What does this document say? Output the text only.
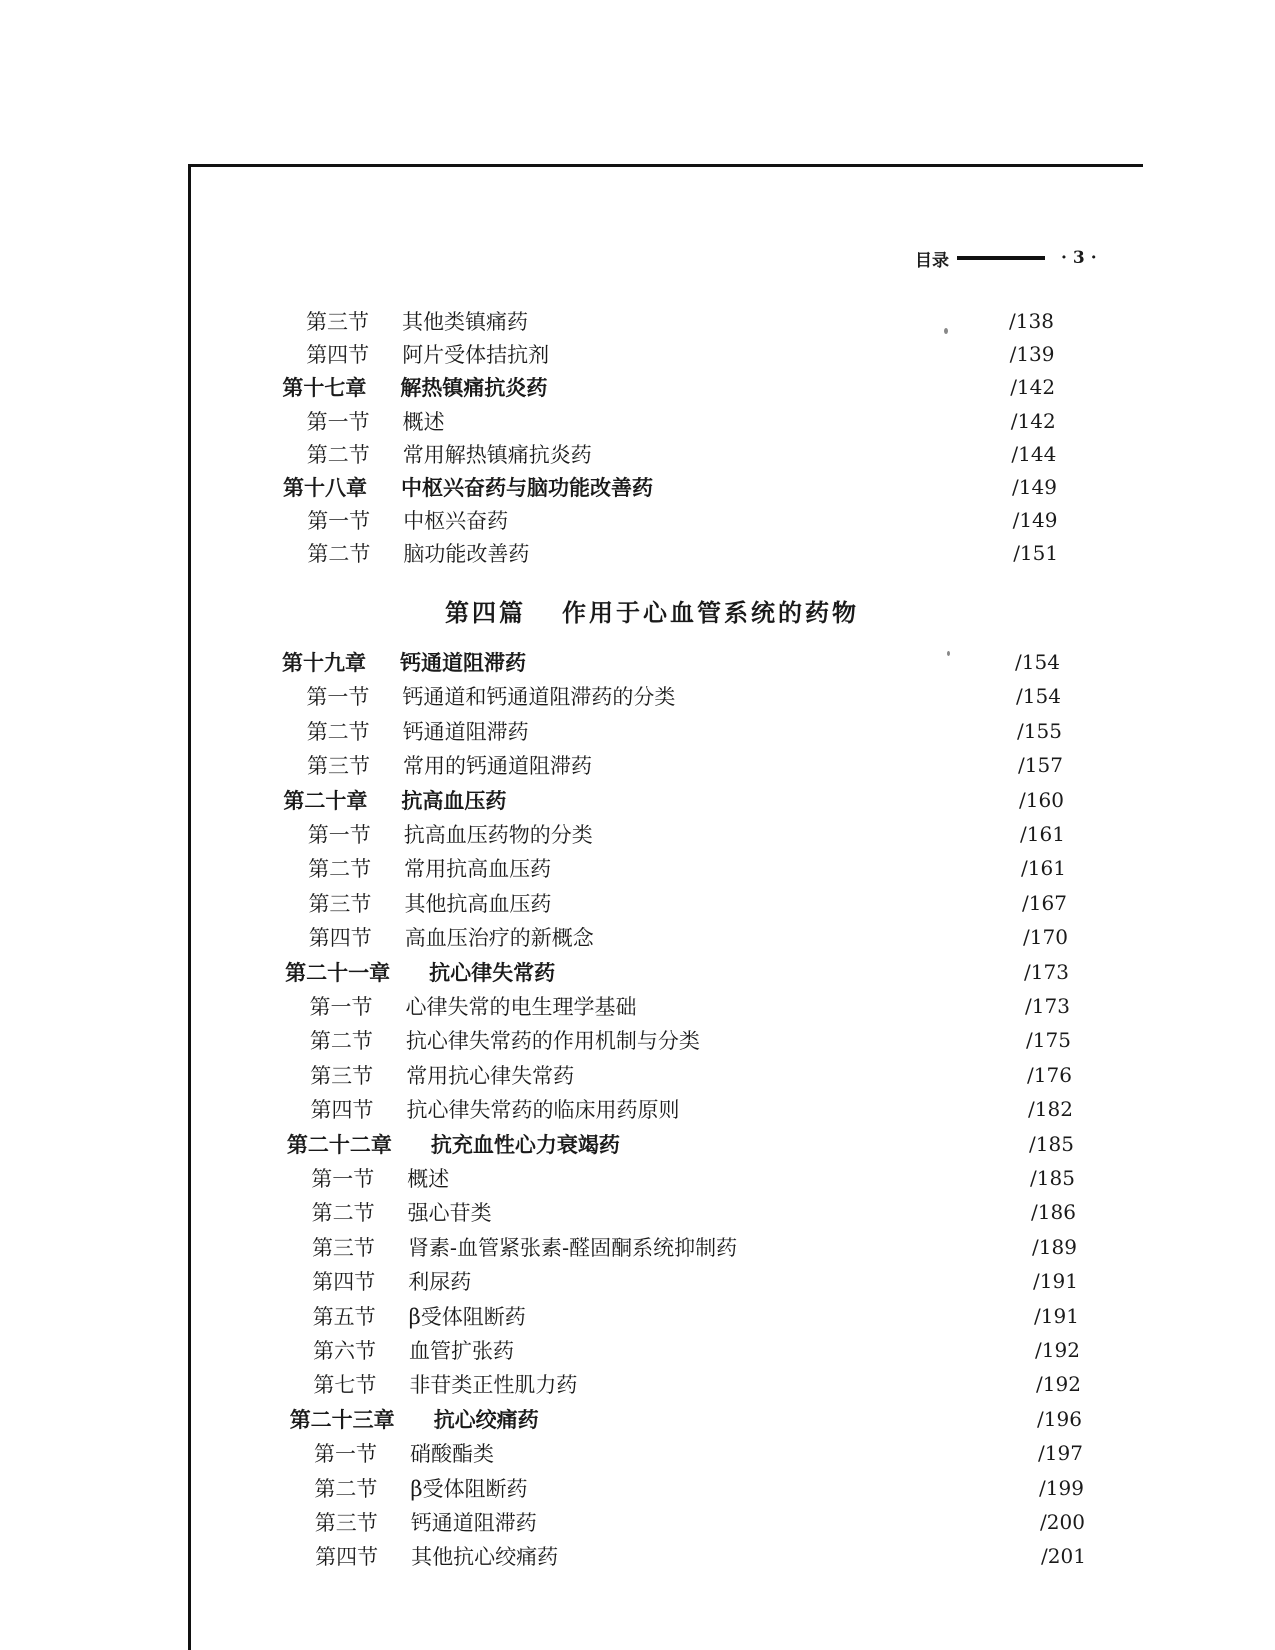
目录	· 3 ·
第三节	其他类镇痛药	/138
第四节	阿片受体拮抗剂	/139
第十七章	解热镇痛抗炎药	/142
第一节	概述	/142
第二节	常用解热镇痛抗炎药	/144
第十八章	中枢兴奋药与脑功能改善药	/149
第一节	中枢兴奋药	/149
第二节	脑功能改善药	/151
第十九章	钙通道阻滞药	/154
第一节	钙通道和钙通道阻滞药的分类	/154
第二节	钙通道阻滞药	/155
第三节	常用的钙通道阻滞药	/157
第二十章	抗高血压药	/160
第一节	抗高血压药物的分类	/161
第二节	常用抗高血压药	/161
第三节	其他抗高血压药	/167
第四节	高血压治疗的新概念	/170
第二十一章	抗心律失常药	/173
第一节	心律失常的电生理学基础	/173
第二节	抗心律失常药的作用机制与分类	/175
第三节	常用抗心律失常药	/176
第四节	抗心律失常药的临床用药原则	/182
第二十二章	抗充血性心力衰竭药	/185
第一节	概述	/185
第二节	强心苷类	/186
第三节	肾素-血管紧张素-醛固酮系统抑制药	/189
第四节	利尿药	/191
第五节	β受体阻断药	/191
第六节	血管扩张药	/192
第七节	非苷类正性肌力药	/192
第二十三章	抗心绞痛药	/196
第一节	硝酸酯类	/197
第二节	β受体阻断药	/199
第三节	钙通道阻滞药	/200
第四节	其他抗心绞痛药	/201
第四篇 作用于心血管系统的药物
